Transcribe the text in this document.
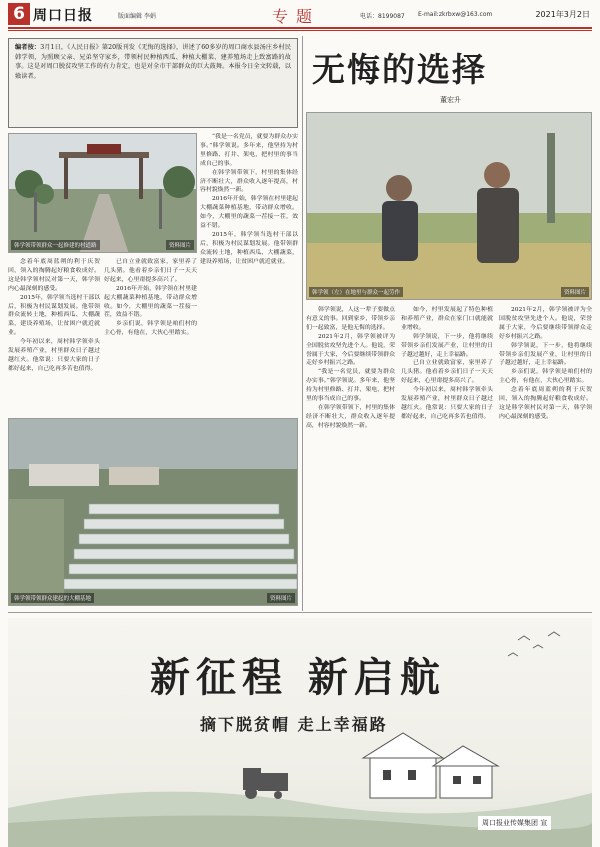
6 周口日报	版面编辑 李娟	专题	电话：8199087 E-mail:zkrbxw@163.com	2021年3月2日
编者按：3月1日，《人民日报》第20版刊发《无悔的选择》，讲述了60多岁的周口商水县汤庄乡村民韩学领，为照顾父亲、兄弟坚守家乡，带领村民种植西瓜、种植大棚菜、建养殖场走上致富路的故事。这是对周口脱贫攻坚工作的有力肯定，也是对全市干部群众的巨大鼓舞。本报今日全文转载，以飨读者。
韩学领带领群众一起修建的村道路	资料图片

念着年底周蓝朔的利于庆贺回，领入的掏腾起好粮食收成好。这是韩学领村民对第一天，韩学领内心最深刻的感受。

2015年，韩学领当选村干部以后，积极为村民谋划发展。他带领群众流转土地，种植西瓜、大棚蔬菜，建设养殖场，让贫困户就近就业。

今年初以来，周村韩学领牵头发展养殖产业，村里群众日子越过越红火。他常说：只要大家的日子都好起来，自己吃再多苦也值得。

已自立业就致富家，家里养了几头猪。他看着乡亲们日子一天天好起来，心里甭提多高兴了。

2016年开始，韩学领在村里建起大棚蔬菜种植基地，带动群众增收。如今，大棚里的蔬菜一茬接一茬，效益不错。

乡亲们说，韩学领是咱们村的主心骨，有他在，大伙心里踏实。

“我是一名党员，就要为群众办实事。”韩学领说。多年来，他坚持为村里修路、打井、架电，把村里的事当成自己的事。

在韩学领带领下，村里的集体经济不断壮大，群众收入逐年提高，村容村貌焕然一新。

2016年开始，韩学领在村里建起大棚蔬菜种植基地，带动群众增收。如今，大棚里的蔬菜一茬接一茬，效益不错。

2015年，韩学领当选村干部以后，积极为村民谋划发展。他带领群众流转土地，种植西瓜、大棚蔬菜，建设养殖场，让贫困户就近就业。

无悔的选择
董宏升
韩学领（左）在地里与群众一起劳作	资料图片

韩学领说，人这一辈子要做点有意义的事。回到家乡，带领乡亲们一起致富，是他无悔的选择。

2021年2月，韩学领被评为全国脱贫攻坚先进个人。他说，荣誉属于大家，今后要继续带领群众走好乡村振兴之路。

“我是一名党员，就要为群众办实事。”韩学领说。多年来，他坚持为村里修路、打井、架电，把村里的事当成自己的事。

在韩学领带领下，村里的集体经济不断壮大，群众收入逐年提高，村容村貌焕然一新。

如今，村里发展起了特色种植和养殖产业，群众在家门口就能就业增收。

韩学领说，下一步，他将继续带领乡亲们发展产业，让村里的日子越过越好，走上幸福路。

已自立业就致富家，家里养了几头猪。他看着乡亲们日子一天天好起来，心里甭提多高兴了。

今年初以来，周村韩学领牵头发展养殖产业，村里群众日子越过越红火。他常说：只要大家的日子都好起来，自己吃再多苦也值得。

2021年2月，韩学领被评为全国脱贫攻坚先进个人。他说，荣誉属于大家，今后要继续带领群众走好乡村振兴之路。

韩学领说，下一步，他将继续带领乡亲们发展产业，让村里的日子越过越好，走上幸福路。

乡亲们说，韩学领是咱们村的主心骨，有他在，大伙心里踏实。

念着年底周蓝朔的利于庆贺回，领入的掏腾起好粮食收成好。这是韩学领村民对第一天，韩学领内心最深刻的感受。

韩学领带领群众建起的大棚基地	资料图片
新征程 新启航
摘下脱贫帽 走上幸福路
周口报业传媒集团 宣
